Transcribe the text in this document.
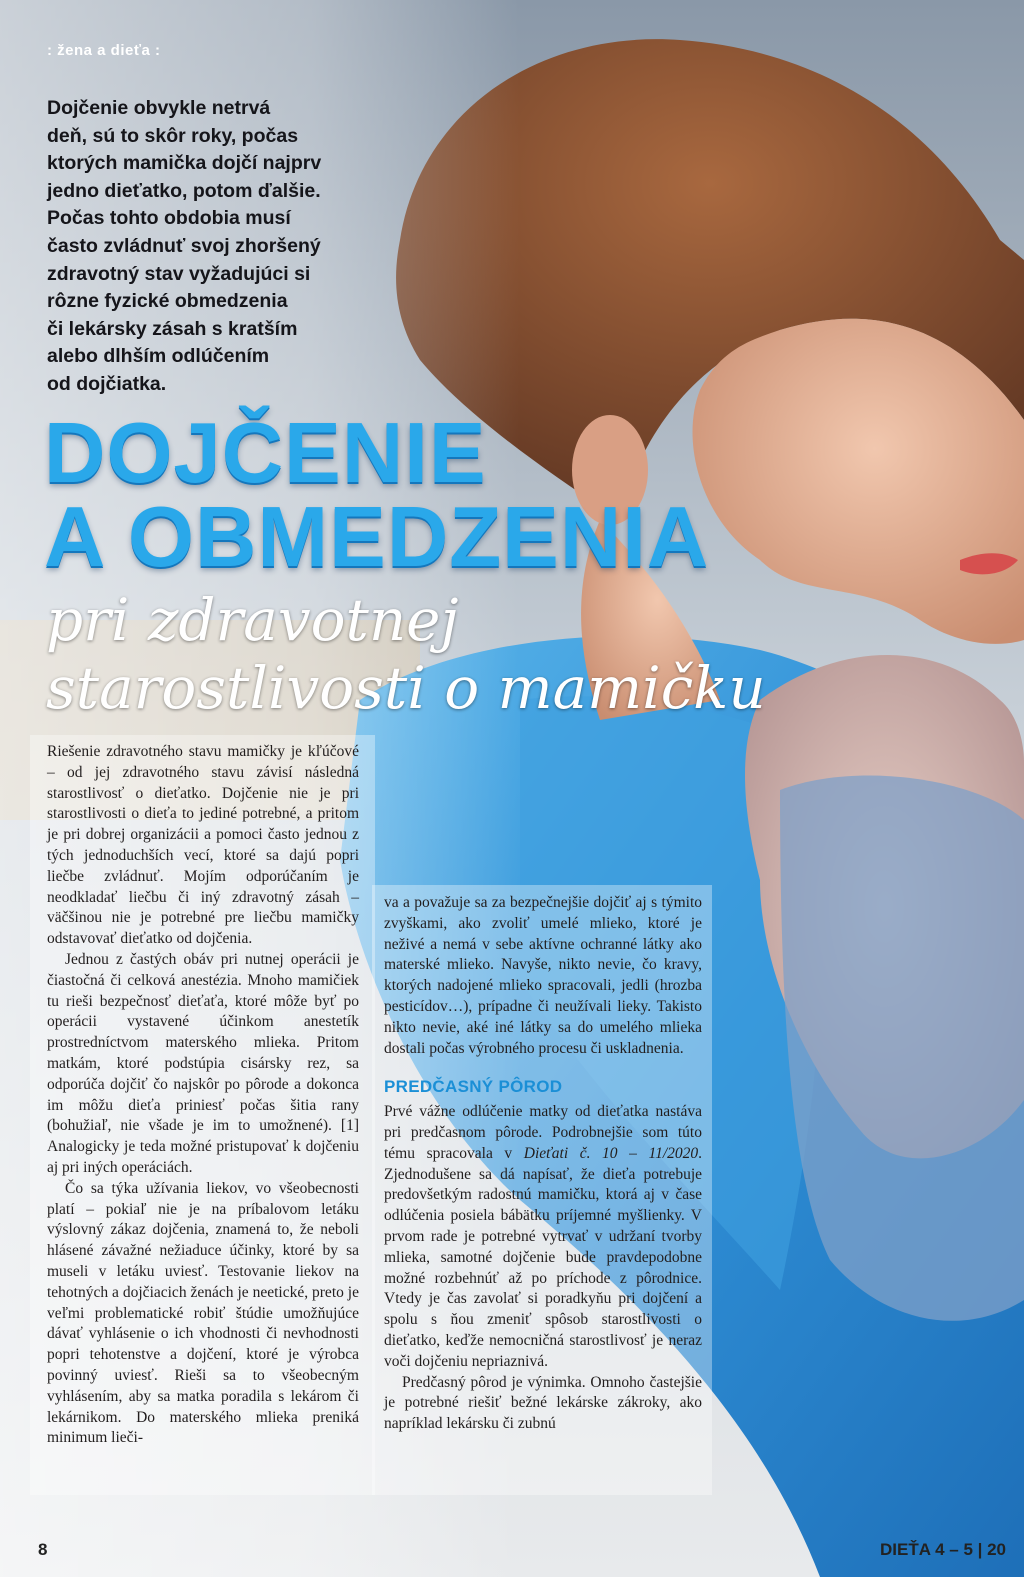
: žena a dieťa :
Dojčenie obvykle netrvá
deň, sú to skôr roky, počas
ktorých mamička dojčí najprv
jedno dieťatko, potom ďalšie.
Počas tohto obdobia musí
často zvládnuť svoj zhoršený
zdravotný stav vyžadujúci si
rôzne fyzické obmedzenia
či lekársky zásah s kratším
alebo dlhším odlúčením
od dojčiatka.
DOJČENIE
A OBMEDZENIA
pri zdravotnej
starostlivosti o mamičku

Riešenie zdravotného stavu mamičky je kľúčové – od jej zdravotného stavu závisí následná starostlivosť o dieťatko. Dojčenie nie je pri starostlivosti o dieťa to jediné potrebné, a pritom je pri dobrej organizácii a pomoci často jednou z tých jednoduchších vecí, ktoré sa dajú popri liečbe zvládnuť. Mojím odporúčaním je neodkladať liečbu či iný zdravotný zásah – väčšinou nie je potrebné pre liečbu mamičky odstavovať dieťatko od dojčenia.

Jednou z častých obáv pri nutnej operácii je čiastočná či celková anestézia. Mnoho mamičiek tu rieši bezpečnosť dieťaťa, ktoré môže byť po operácii vystavené účinkom anestetík prostredníctvom materského mlieka. Pritom matkám, ktoré podstúpia cisársky rez, sa odporúča dojčiť čo najskôr po pôrode a dokonca im môžu dieťa priniesť počas šitia rany (bohužiaľ, nie všade je im to umožnené). [1] Analogicky je teda možné pristupovať k dojčeniu aj pri iných operáciách.

Čo sa týka užívania liekov, vo všeobecnosti platí – pokiaľ nie je na príbalovom letáku výslovný zákaz dojčenia, znamená to, že neboli hlásené závažné nežiaduce účinky, ktoré by sa museli v letáku uviesť. Testovanie liekov na tehotných a dojčiacich ženách je neetické, preto je veľmi problematické robiť štúdie umožňujúce dávať vyhlásenie o ich vhodnosti či nevhodnosti popri tehotenstve a dojčení, ktoré je výrobca povinný uviesť. Rieši sa to všeobecným vyhlásením, aby sa matka poradila s lekárom či lekárnikom. Do materského mlieka preniká minimum lieči-

va a považuje sa za bezpečnejšie dojčiť aj s týmito zvyškami, ako zvoliť umelé mlieko, ktoré je neživé a nemá v sebe aktívne ochranné látky ako materské mlieko. Navyše, nikto nevie, čo kravy, ktorých nadojené mlieko spracovali, jedli (hrozba pesticídov…), prípadne či neužívali lieky. Takisto nikto nevie, aké iné látky sa do umelého mlieka dostali počas výrobného procesu či uskladnenia.

PREDČASNÝ PÔROD

Prvé vážne odlúčenie matky od dieťatka nastáva pri predčasnom pôrode. Podrobnejšie som túto tému spracovala v Dieťati č. 10 – 11/2020. Zjednodušene sa dá napísať, že dieťa potrebuje predovšetkým radostnú mamičku, ktorá aj v čase odlúčenia posiela bábätku príjemné myšlienky. V prvom rade je potrebné vytrvať v udržaní tvorby mlieka, samotné dojčenie bude pravdepodobne možné rozbehnúť až po príchode z pôrodnice. Vtedy je čas zavolať si poradkyňu pri dojčení a spolu s ňou zmeniť spôsob starostlivosti o dieťatko, keďže nemocničná starostlivosť je neraz voči dojčeniu nepriaznivá.

Predčasný pôrod je výnimka. Omnoho častejšie je potrebné riešiť bežné lekárske zákroky, ako napríklad lekársku či zubnú

8	DIEŤA 4 – 5 | 20
